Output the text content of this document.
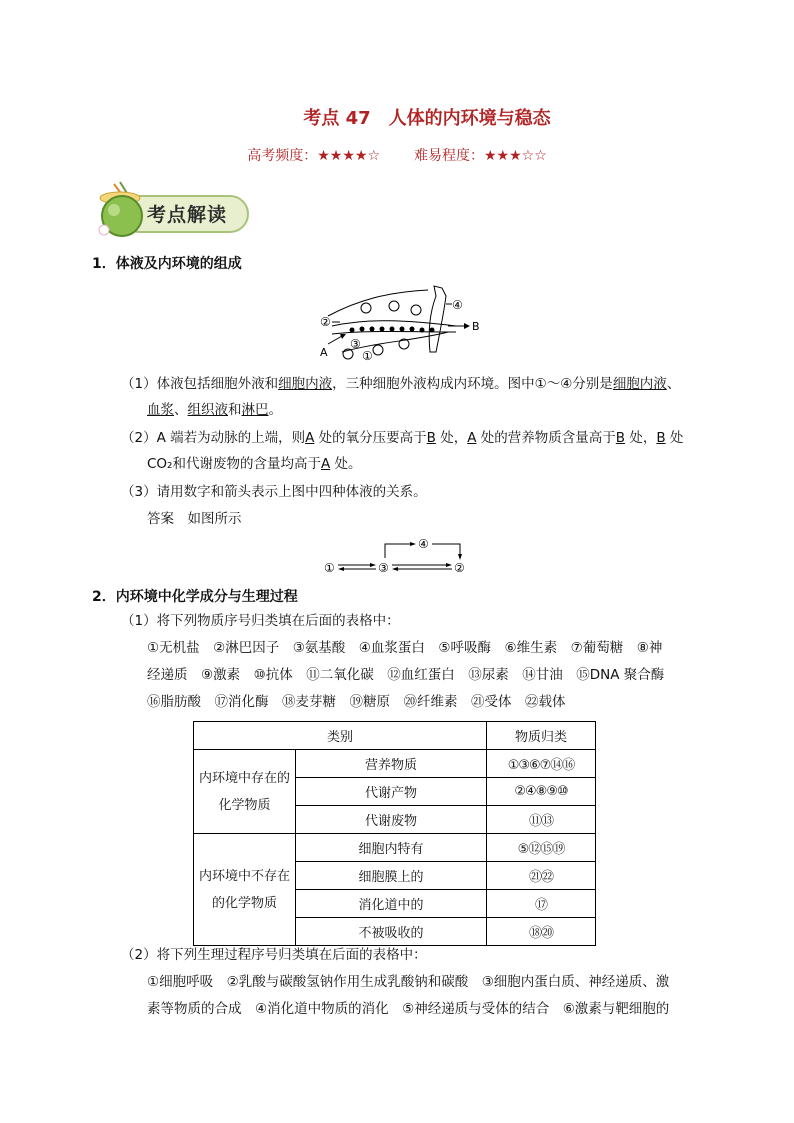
考点 47　人体的内环境与稳态
高考频度：★★★★☆ 难易程度：★★★☆☆
考点解读
1．体液及内环境的组成
④
B
②
A
③
①
（1）体液包括细胞外液和细胞内液，三种细胞外液构成内环境。图中①～④分别是细胞内液、
血浆、组织液和淋巴。
（2）A 端若为动脉的上端，则A 处的氧分压要高于B 处，A 处的营养物质含量高于B 处，B 处
CO₂和代谢废物的含量均高于A 处。
（3）请用数字和箭头表示上图中四种体液的关系。
答案　如图所示
①	③	②
④
2．内环境中化学成分与生理过程
（1）将下列物质序号归类填在后面的表格中：
①无机盐　②淋巴因子　③氨基酸　④血浆蛋白　⑤呼吸酶　⑥维生素　⑦葡萄糖　⑧神
经递质　⑨激素　⑩抗体　⑪二氧化碳　⑫血红蛋白　⑬尿素　⑭甘油　⑮DNA 聚合酶
⑯脂肪酸　⑰消化酶　⑱麦芽糖　⑲糖原　⑳纤维素　㉑受体　㉒载体
类别		物质归类
内环境中存在的化学物质	营养物质	①③⑥⑦⑭⑯
	代谢产物	②④⑧⑨⑩
	代谢废物	⑪⑬
内环境中不存在的化学物质	细胞内特有	⑤⑫⑮⑲
	细胞膜上的	㉑㉒
	消化道中的	⑰
	不被吸收的	⑱⑳
（2）将下列生理过程序号归类填在后面的表格中：
①细胞呼吸　②乳酸与碳酸氢钠作用生成乳酸钠和碳酸　③细胞内蛋白质、神经递质、激
素等物质的合成　④消化道中物质的消化　⑤神经递质与受体的结合　⑥激素与靶细胞的
